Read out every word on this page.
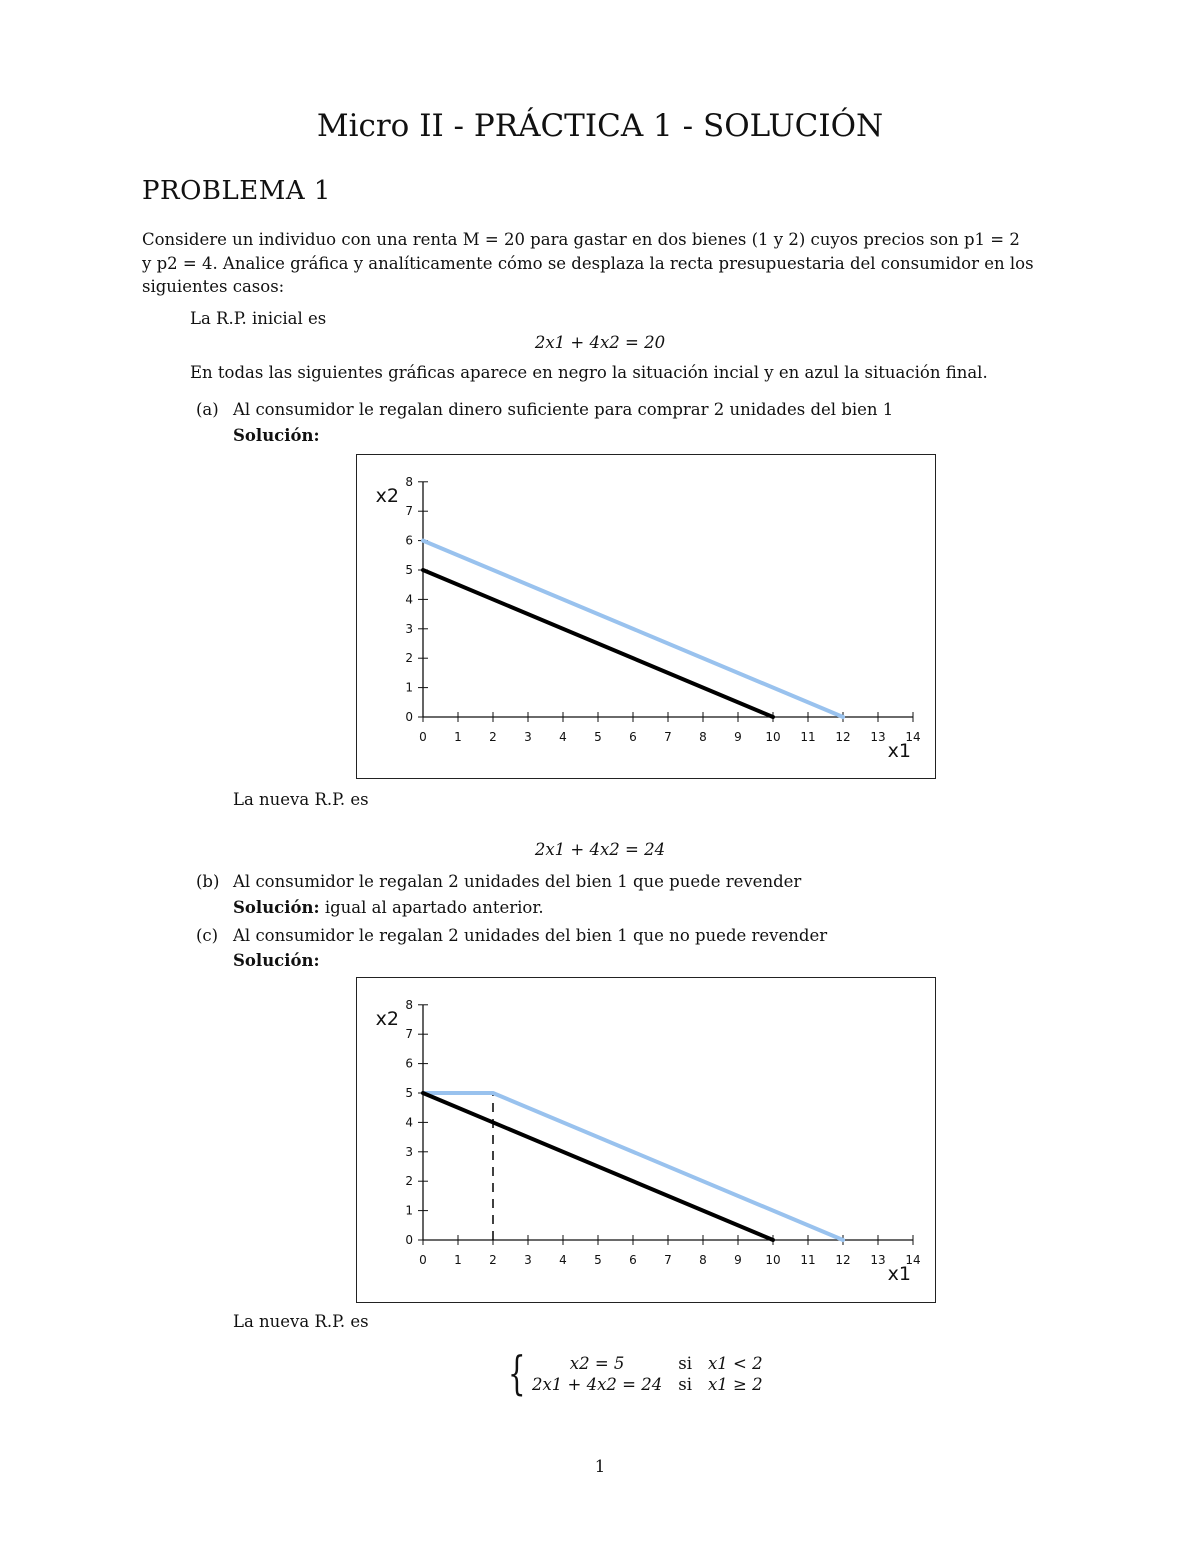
Micro II - PRÁCTICA 1 - SOLUCIÓN
PROBLEMA 1
Considere un individuo con una renta M = 20 para gastar en dos bienes (1 y 2) cuyos precios son p1 = 2
y p2 = 4. Analice gráfica y analíticamente cómo se desplaza la recta presupuestaria del consumidor en los
siguientes casos:
La R.P. inicial es
2x1 + 4x2 = 20
En todas las siguientes gráficas aparece en negro la situación incial y en azul la situación final.
(a) Al consumidor le regalan dinero suficiente para comprar 2 unidades del bien 1
Solución:
0 1 2 3 4 5 6 7 8 9 10 11 12 13 14
0
1
2
3
4
5
6
7
8
x1
x2
La nueva R.P. es
2x1 + 4x2 = 24
(b) Al consumidor le regalan 2 unidades del bien 1 que puede revender
Solución: igual al apartado anterior.
(c) Al consumidor le regalan 2 unidades del bien 1 que no puede revender
Solución:
0 1 2 3 4 5 6 7 8 9 10 11 12 13 14
0
1
2
3
4
5
6
7
8
x1
x2
La nueva R.P. es
{	x2 = 5	si	x1 < 2
2x1 + 4x2 = 24	si	x1 ≥ 2
1
